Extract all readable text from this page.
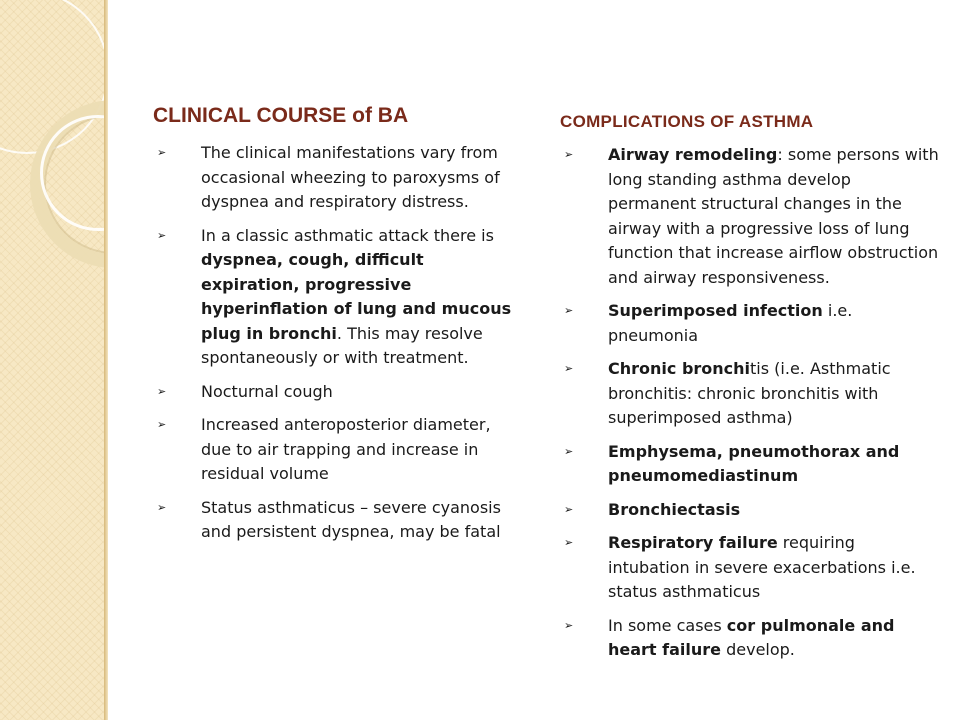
CLINICAL COURSE of BA
➢ The clinical manifestations vary from occasional wheezing to paroxysms of dyspnea and respiratory distress.
➢ In a classic asthmatic attack there is dyspnea, cough, difficult expiration, progressive hyperinflation of lung and mucous plug in bronchi. This may resolve spontaneously or with treatment.
➢ Nocturnal cough
➢ Increased anteroposterior diameter, due to air trapping and increase in residual volume
➢ Status asthmaticus – severe cyanosis and persistent dyspnea, may be fatal
COMPLICATIONS OF ASTHMA
➢ Airway remodeling: some persons with long standing asthma develop permanent structural changes in the airway with a progressive loss of lung function that increase airflow obstruction and airway responsiveness.
➢ Superimposed infection i.e. pneumonia
➢ Chronic bronchitis (i.e. Asthmatic bronchitis: chronic bronchitis with superimposed asthma)
➢ Emphysema, pneumothorax and pneumomediastinum
➢ Bronchiectasis
➢ Respiratory failure requiring intubation in severe exacerbations i.e. status asthmaticus
➢ In some cases cor pulmonale and heart failure develop.
